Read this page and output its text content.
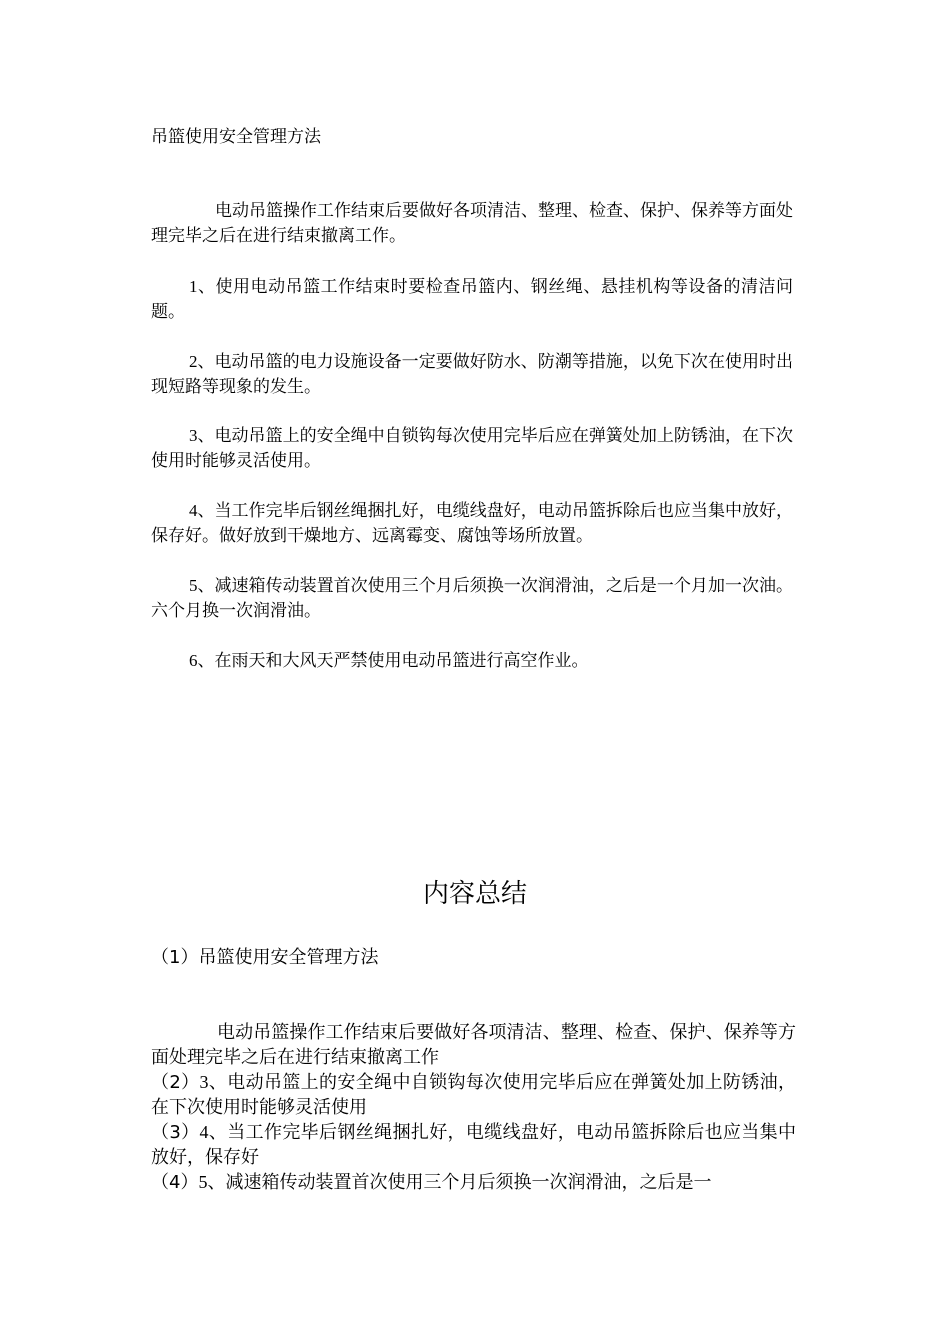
吊篮使用安全管理方法

电动吊篮操作工作结束后要做好各项清洁、整理、检查、保护、保养等方面处理完毕之后在进行结束撤离工作。

1、使用电动吊篮工作结束时要检查吊篮内、钢丝绳、悬挂机构等设备的清洁问题。

2、电动吊篮的电力设施设备一定要做好防水、防潮等措施，以免下次在使用时出现短路等现象的发生。

3、电动吊篮上的安全绳中自锁钩每次使用完毕后应在弹簧处加上防锈油，在下次使用时能够灵活使用。

4、当工作完毕后钢丝绳捆扎好，电缆线盘好，电动吊篮拆除后也应当集中放好，保存好。做好放到干燥地方、远离霉变、腐蚀等场所放置。

5、减速箱传动装置首次使用三个月后须换一次润滑油，之后是一个月加一次油。六个月换一次润滑油。

6、在雨天和大风天严禁使用电动吊篮进行高空作业。

内容总结

（1）吊篮使用安全管理方法

电动吊篮操作工作结束后要做好各项清洁、整理、检查、保护、保养等方面处理完毕之后在进行结束撤离工作

（2）3、电动吊篮上的安全绳中自锁钩每次使用完毕后应在弹簧处加上防锈油，在下次使用时能够灵活使用

（3）4、当工作完毕后钢丝绳捆扎好，电缆线盘好，电动吊篮拆除后也应当集中放好，保存好

（4）5、减速箱传动装置首次使用三个月后须换一次润滑油，之后是一
